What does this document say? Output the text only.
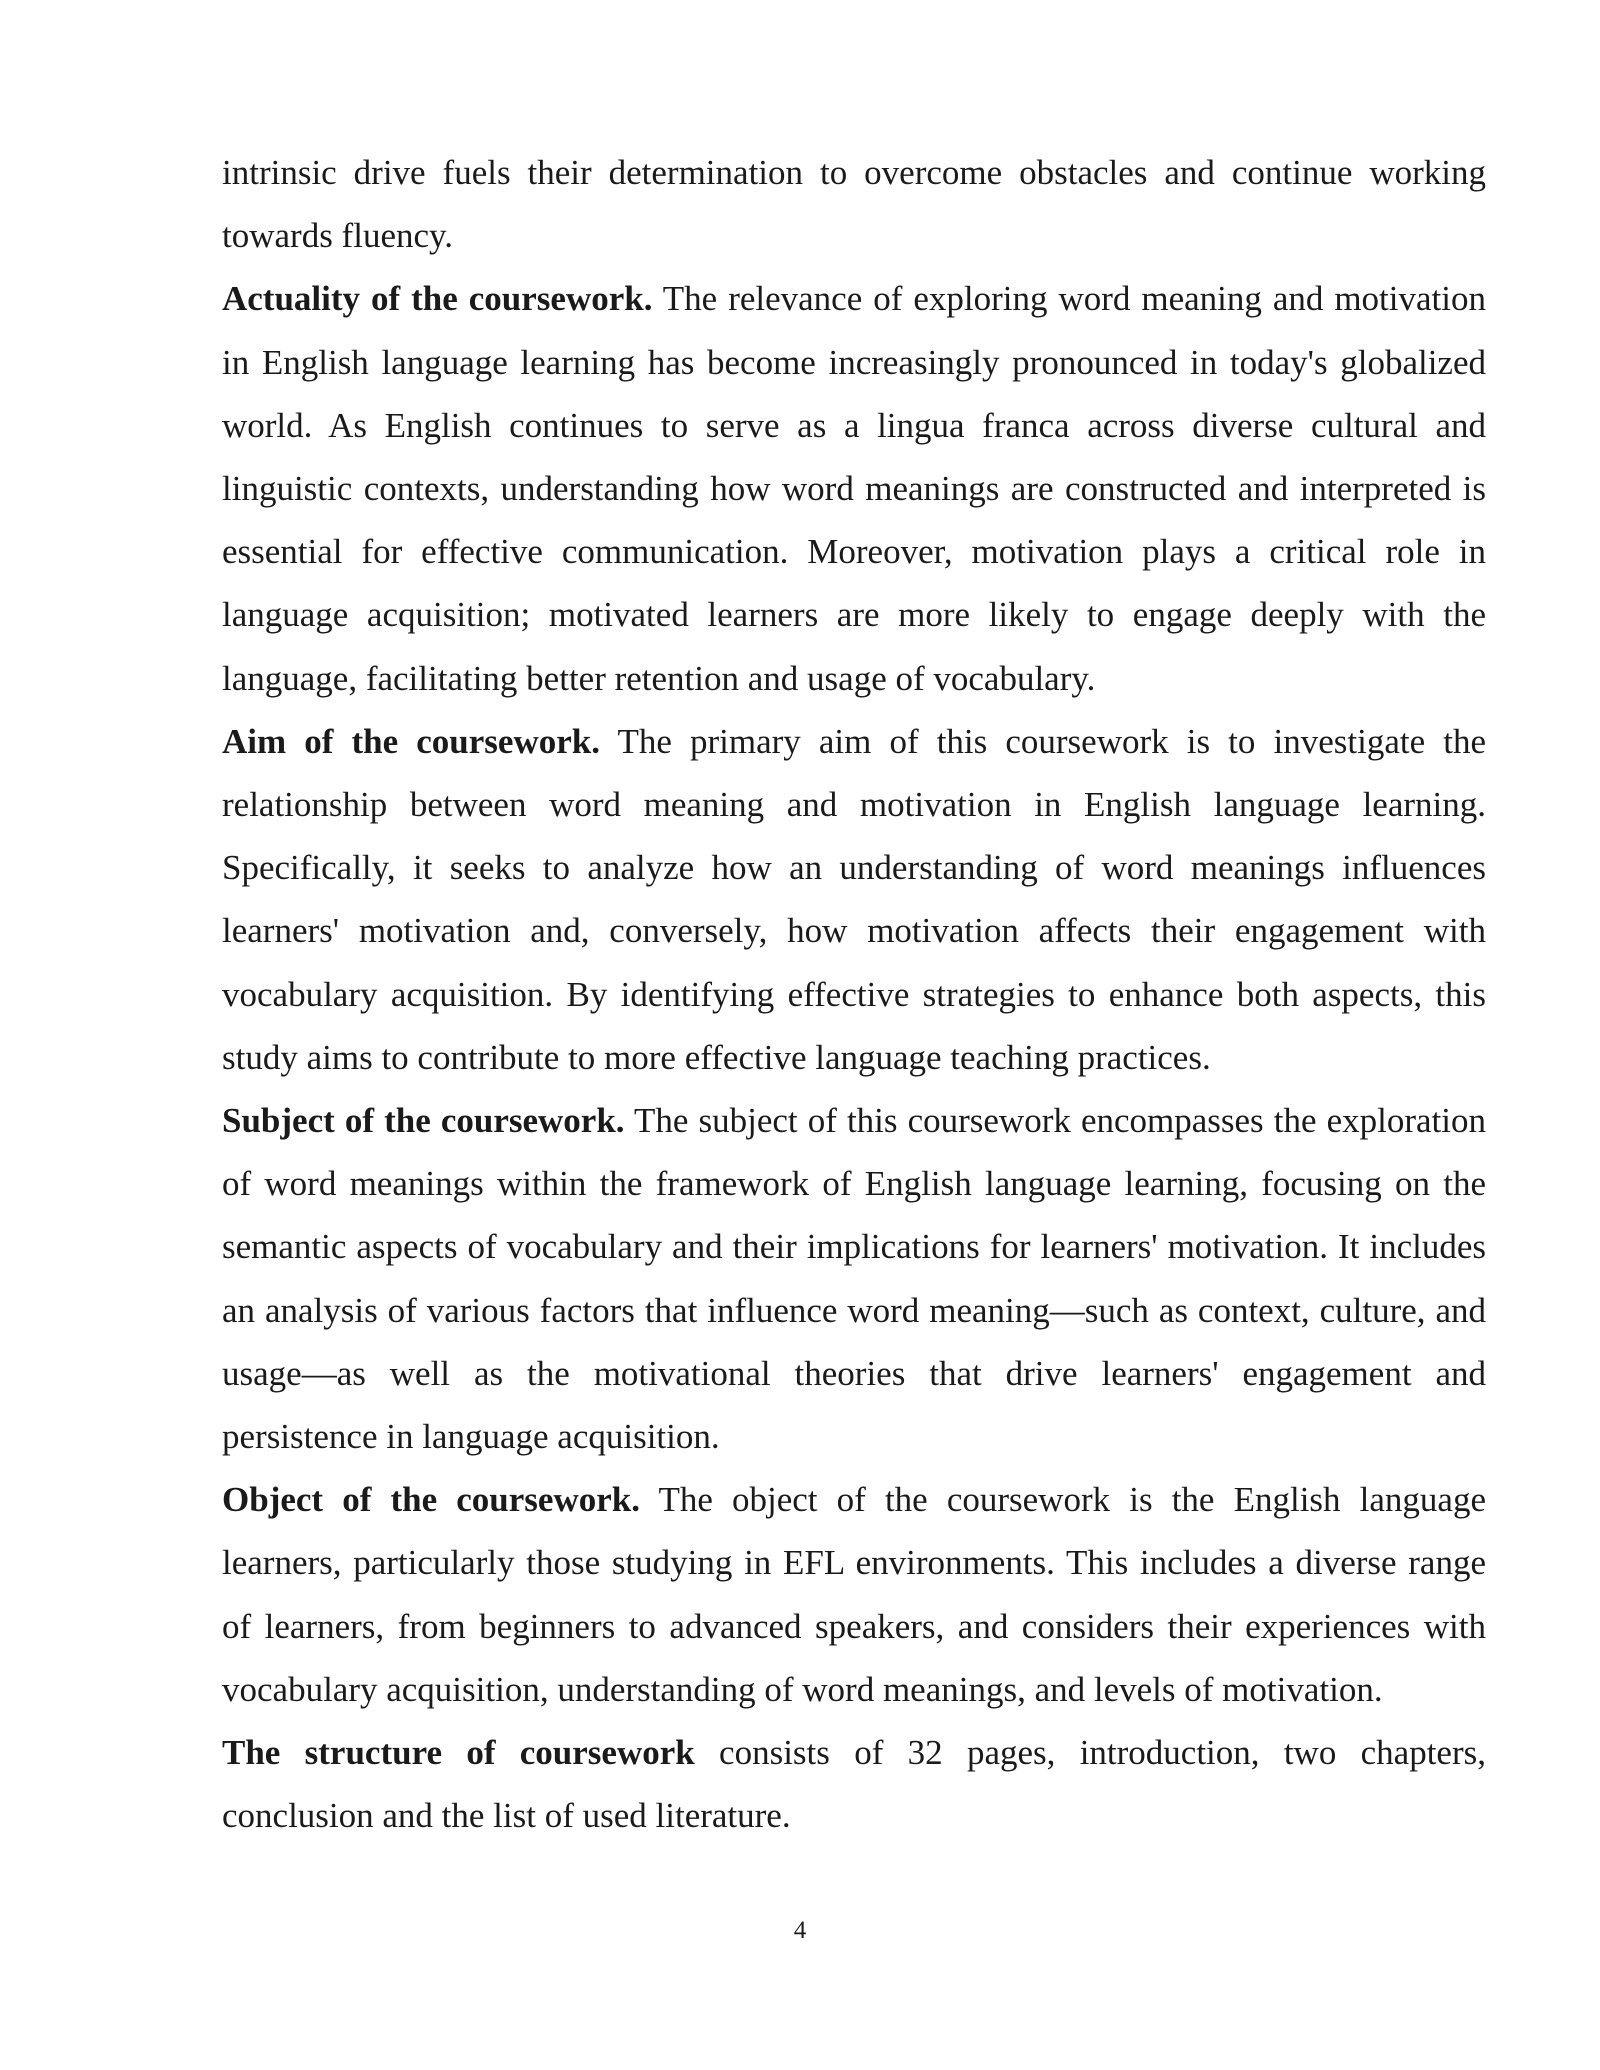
intrinsic drive fuels their determination to overcome obstacles and continue working towards fluency.

Actuality of the coursework. The relevance of exploring word meaning and motivation in English language learning has become increasingly pronounced in today's globalized world. As English continues to serve as a lingua franca across diverse cultural and linguistic contexts, understanding how word meanings are constructed and interpreted is essential for effective communication. Moreover, motivation plays a critical role in language acquisition; motivated learners are more likely to engage deeply with the language, facilitating better retention and usage of vocabulary.

Aim of the coursework. The primary aim of this coursework is to investigate the relationship between word meaning and motivation in English language learning. Specifically, it seeks to analyze how an understanding of word meanings influences learners' motivation and, conversely, how motivation affects their engagement with vocabulary acquisition. By identifying effective strategies to enhance both aspects, this study aims to contribute to more effective language teaching practices.

Subject of the coursework. The subject of this coursework encompasses the exploration of word meanings within the framework of English language learning, focusing on the semantic aspects of vocabulary and their implications for learners' motivation. It includes an analysis of various factors that influence word meaning—such as context, culture, and usage—as well as the motivational theories that drive learners' engagement and persistence in language acquisition.

Object of the coursework. The object of the coursework is the English language learners, particularly those studying in EFL environments. This includes a diverse range of learners, from beginners to advanced speakers, and considers their experiences with vocabulary acquisition, understanding of word meanings, and levels of motivation.

The structure of coursework consists of 32 pages, introduction, two chapters, conclusion and the list of used literature.

4
